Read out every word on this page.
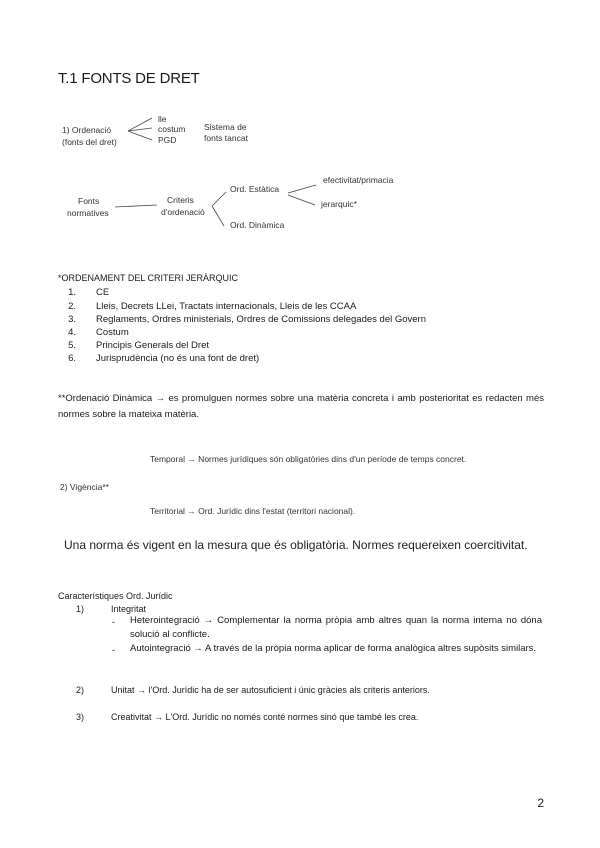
T.1 FONTS DE DRET
1) Ordenació
(fonts del dret)
lle
costum
PGD
Sistema de
fonts tancat
Fonts
normatives
Criteris
d'ordenació
Ord. Estàtica
Ord. Dinàmica
efectivitat/primacia
jerarquic*
*ORDENAMENT DEL CRITERI JERÀRQUIC
1. CE
2. Lleis, Decrets LLei, Tractats internacionals, Lleis de les CCAA
3. Reglaments, Ordres ministerials, Ordres de Comissions delegades del Govern
4. Costum
5. Principis Generals del Dret
6. Jurisprudència (no és una font de dret)
**Ordenació Dinàmica → es promulguen normes sobre una matèria concreta i amb posterioritat es redacten més normes sobre la mateixa matèria.
Temporal → Normes jurídiques són obligatòries dins d'un període de temps concret.
2) Vigència**
Territorial → Ord. Jurídic dins l'estat (territori nacional).
Una norma és vigent en la mesura que és obligatòria. Normes requereixen coercitivitat.
Característiques Ord. Jurídic
1)	Integritat
- Heterointegració → Complementar la norma pròpia amb altres quan la norma interna no dóna solució al conflicte.
- Autointegració → A través de la pròpia norma aplicar de forma analògica altres supòsits similars.
2)	Unitat → l'Ord. Jurídic ha de ser autosuficient i únic gràcies als criteris anteriors.
3)	Creativitat → L'Ord. Jurídic no només conté normes sinó que també les crea.
2
